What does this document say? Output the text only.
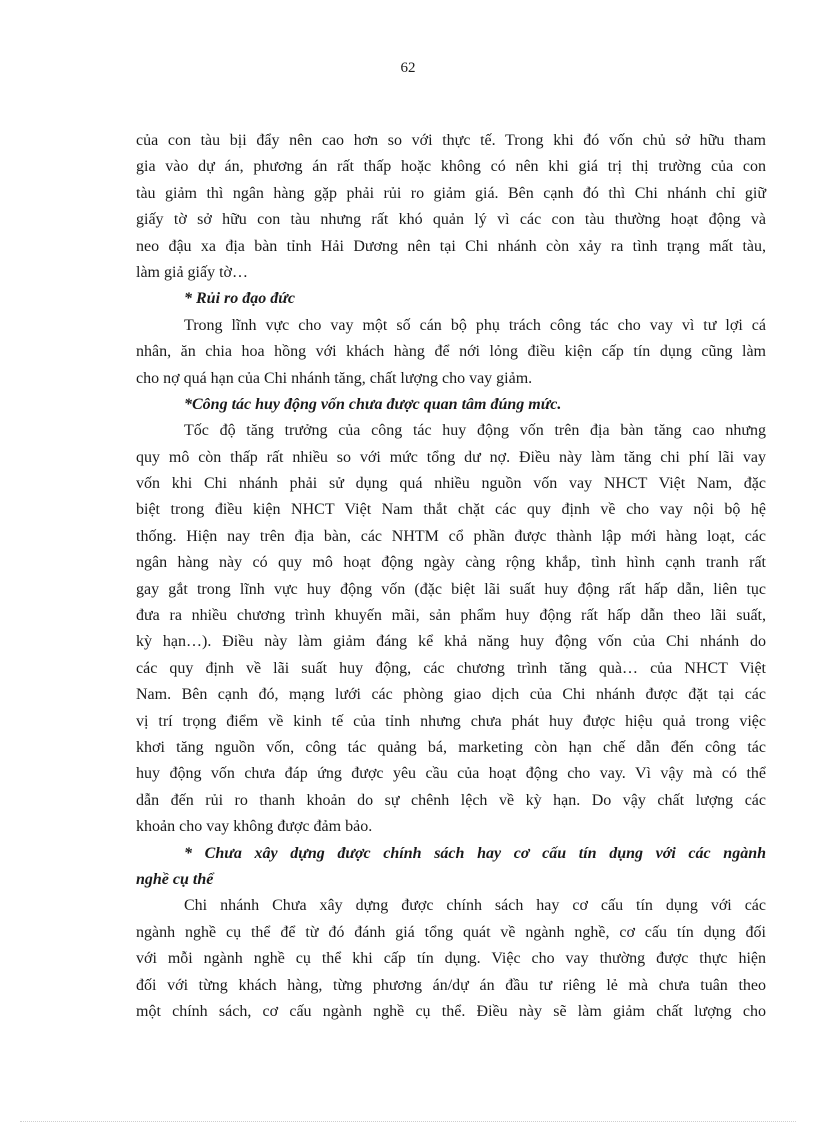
62
của con tàu bịi đẩy nên cao hơn so với thực tế. Trong khi đó vốn chủ sở hữu tham
gia vào dự án, phương án rất thấp hoặc không có nên khi giá trị thị trường của con
tàu giảm thì ngân hàng gặp phải rủi ro giảm giá. Bên cạnh đó thì Chi nhánh chỉ giữ
giấy tờ sở hữu con tàu nhưng rất khó quản lý vì các con tàu thường hoạt động và
neo đậu xa địa bàn tỉnh Hải Dương nên tại Chi nhánh còn xảy ra tình trạng mất tàu,
làm giả giấy tờ…
* Rủi ro đạo đức
Trong lĩnh vực cho vay một số cán bộ phụ trách công tác cho vay vì tư lợi cá
nhân, ăn chia hoa hồng với khách hàng để nới lỏng điều kiện cấp tín dụng cũng làm
cho nợ quá hạn của Chi nhánh tăng, chất lượng cho vay giảm.
*Công tác huy động vốn chưa được quan tâm đúng mức.
Tốc độ tăng trưởng của công tác huy động vốn trên địa bàn tăng cao nhưng
quy mô còn thấp rất nhiều so với mức tổng dư nợ. Điều này làm tăng chi phí lãi vay
vốn khi Chi nhánh phải sử dụng quá nhiều nguồn vốn vay NHCT Việt Nam, đặc
biệt trong điều kiện NHCT Việt Nam thắt chặt các quy định về cho vay nội bộ hệ
thống. Hiện nay trên địa bàn, các NHTM cổ phần được thành lập mới hàng loạt, các
ngân hàng này có quy mô hoạt động ngày càng rộng khắp, tình hình cạnh tranh rất
gay gắt trong lĩnh vực huy động vốn (đặc biệt lãi suất huy động rất hấp dẫn, liên tục
đưa ra nhiều chương trình khuyến mãi, sản phẩm huy động rất hấp dẫn theo lãi suất,
kỳ hạn…). Điều này làm giảm đáng kể khả năng huy động vốn của Chi nhánh do
các quy định về lãi suất huy động, các chương trình tăng quà… của NHCT Việt
Nam. Bên cạnh đó, mạng lưới các phòng giao dịch của Chi nhánh được đặt tại các
vị trí trọng điểm về kinh tế của tỉnh nhưng chưa phát huy được hiệu quả trong việc
khơi tăng nguồn vốn, công tác quảng bá, marketing còn hạn chế dẫn đến công tác
huy động vốn chưa đáp ứng được yêu cầu của hoạt động cho vay. Vì vậy mà có thể
dẫn đến rủi ro thanh khoản do sự chênh lệch về kỳ hạn. Do vậy chất lượng các
khoản cho vay không được đảm bảo.
* Chưa xây dựng được chính sách hay cơ cấu tín dụng với các ngành
nghề cụ thể
Chi nhánh Chưa xây dựng được chính sách hay cơ cấu tín dụng với các
ngành nghề cụ thể để từ đó đánh giá tổng quát về ngành nghề, cơ cấu tín dụng đối
với mỗi ngành nghề cụ thể khi cấp tín dụng. Việc cho vay thường được thực hiện
đối với từng khách hàng, từng phương án/dự án đầu tư riêng lẻ mà chưa tuân theo
một chính sách, cơ cấu ngành nghề cụ thể. Điều này sẽ làm giảm chất lượng cho
